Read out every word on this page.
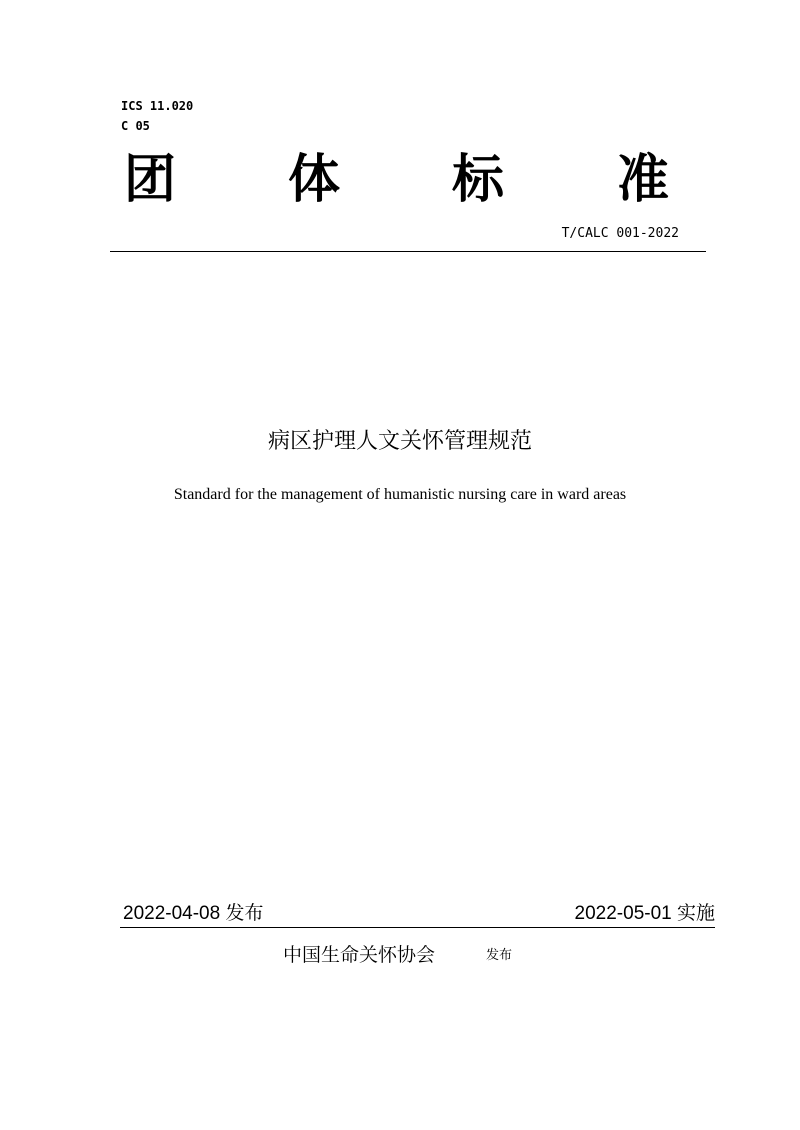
ICS 11.020
C 05
团 体 标 准
T/CALC 001-2022
病区护理人文关怀管理规范
Standard for the management of humanistic nursing care in ward areas
2022-04-08 发布	2022-05-01 实施
中国生命关怀协会	发布
